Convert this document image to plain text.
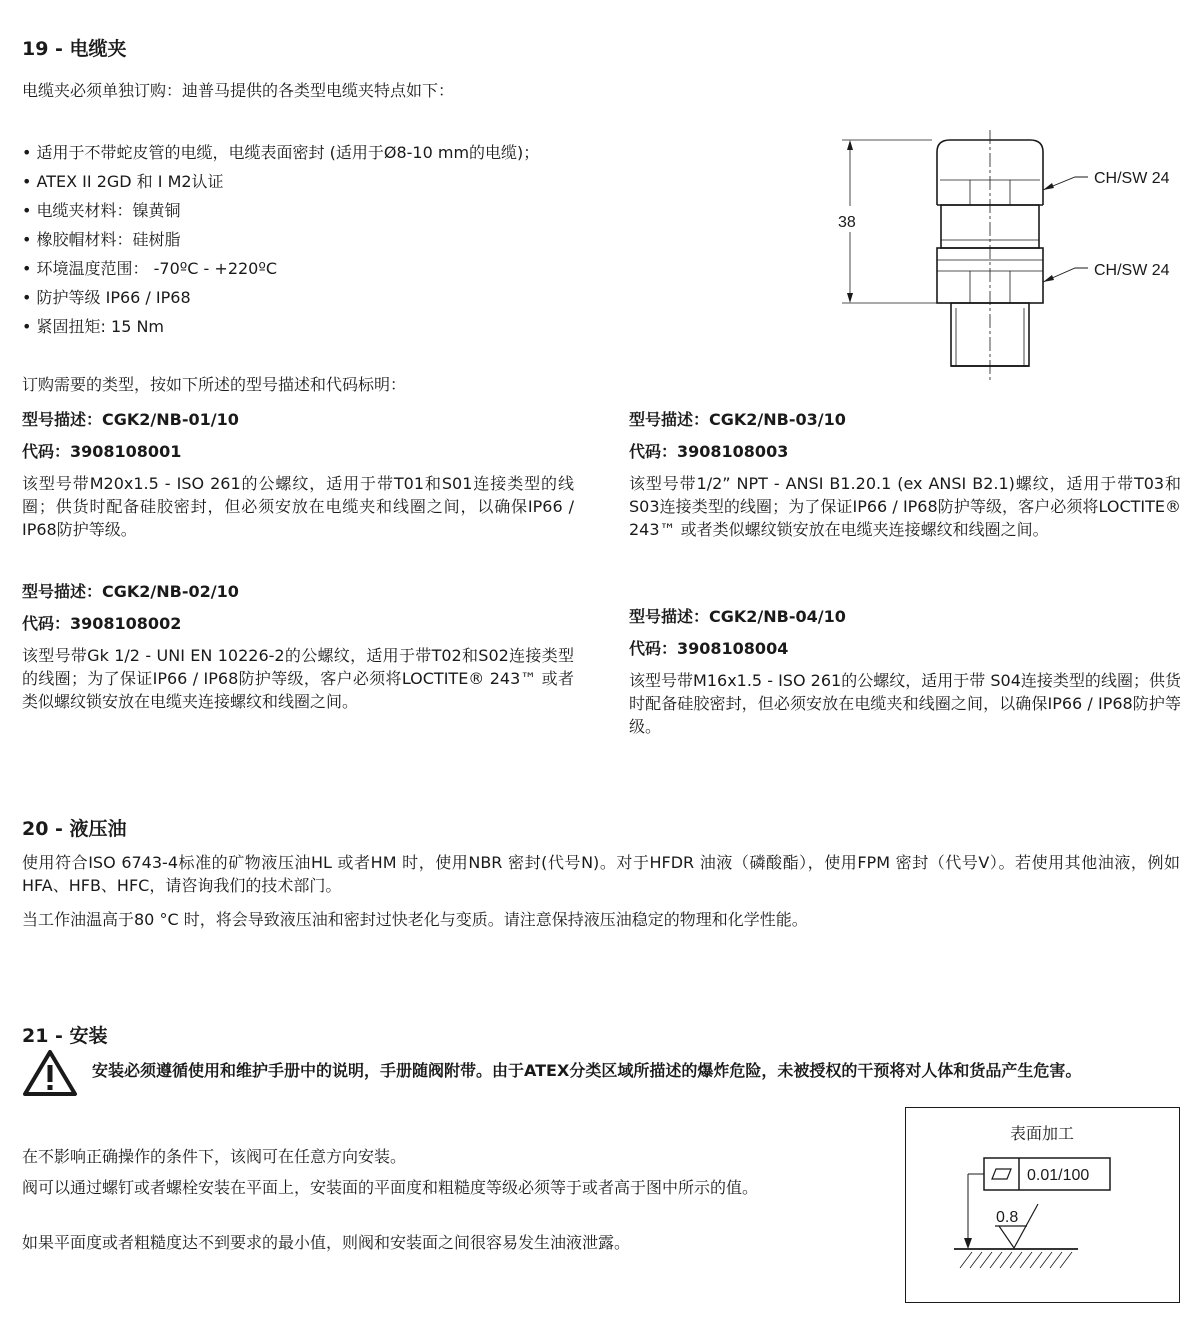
19 - 电缆夹

电缆夹必须单独订购：迪普马提供的各类型电缆夹特点如下：

• 适用于不带蛇皮管的电缆，电缆表面密封 (适用于Ø8-10 mm的电缆)；
• ATEX II 2GD 和 I M2认证
• 电缆夹材料：镍黄铜
• 橡胶帽材料：硅树脂
• 环境温度范围： -70ºC - +220ºC
• 防护等级 IP66 / IP68
• 紧固扭矩: 15 Nm
38
CH/SW 24
CH/SW 24

订购需要的类型，按如下所述的型号描述和代码标明：

型号描述：CGK2/NB-01/10
代码：3908108001

该型号带M20x1.5 - ISO 261的公螺纹，适用于带T01和S01连接类型的线圈；供货时配备硅胶密封，但必须安放在电缆夹和线圈之间，以确保IP66 / IP68防护等级。

型号描述：CGK2/NB-02/10
代码：3908108002

该型号带Gk 1/2 - UNI EN 10226-2的公螺纹，适用于带T02和S02连接类型的线圈；为了保证IP66 / IP68防护等级，客户必须将LOCTITE® 243™ 或者类似螺纹锁安放在电缆夹连接螺纹和线圈之间。

型号描述：CGK2/NB-03/10
代码：3908108003

该型号带1/2” NPT - ANSI B1.20.1 (ex ANSI B2.1)螺纹，适用于带T03和S03连接类型的线圈；为了保证IP66 / IP68防护等级，客户必须将LOCTITE® 243™ 或者类似螺纹锁安放在电缆夹连接螺纹和线圈之间。

型号描述：CGK2/NB-04/10
代码：3908108004

该型号带M16x1.5 - ISO 261的公螺纹，适用于带 S04连接类型的线圈；供货时配备硅胶密封，但必须安放在电缆夹和线圈之间，以确保IP66 / IP68防护等级。

20 - 液压油

使用符合ISO 6743-4标准的矿物液压油HL 或者HM 时，使用NBR 密封(代号N)。对于HFDR 油液（磷酸酯），使用FPM 密封（代号V）。若使用其他油液，例如HFA、HFB、HFC，请咨询我们的技术部门。

当工作油温高于80 °C 时，将会导致液压油和密封过快老化与变质。请注意保持液压油稳定的物理和化学性能。

21 - 安装

安装必须遵循使用和维护手册中的说明，手册随阀附带。由于ATEX分类区域所描述的爆炸危险，未被授权的干预将对人体和货品产生危害。

在不影响正确操作的条件下，该阀可在任意方向安装。

阀可以通过螺钉或者螺栓安装在平面上，安装面的平面度和粗糙度等级必须等于或者高于图中所示的值。

如果平面度或者粗糙度达不到要求的最小值，则阀和安装面之间很容易发生油液泄露。

表面加工
0.01/100
0.8
